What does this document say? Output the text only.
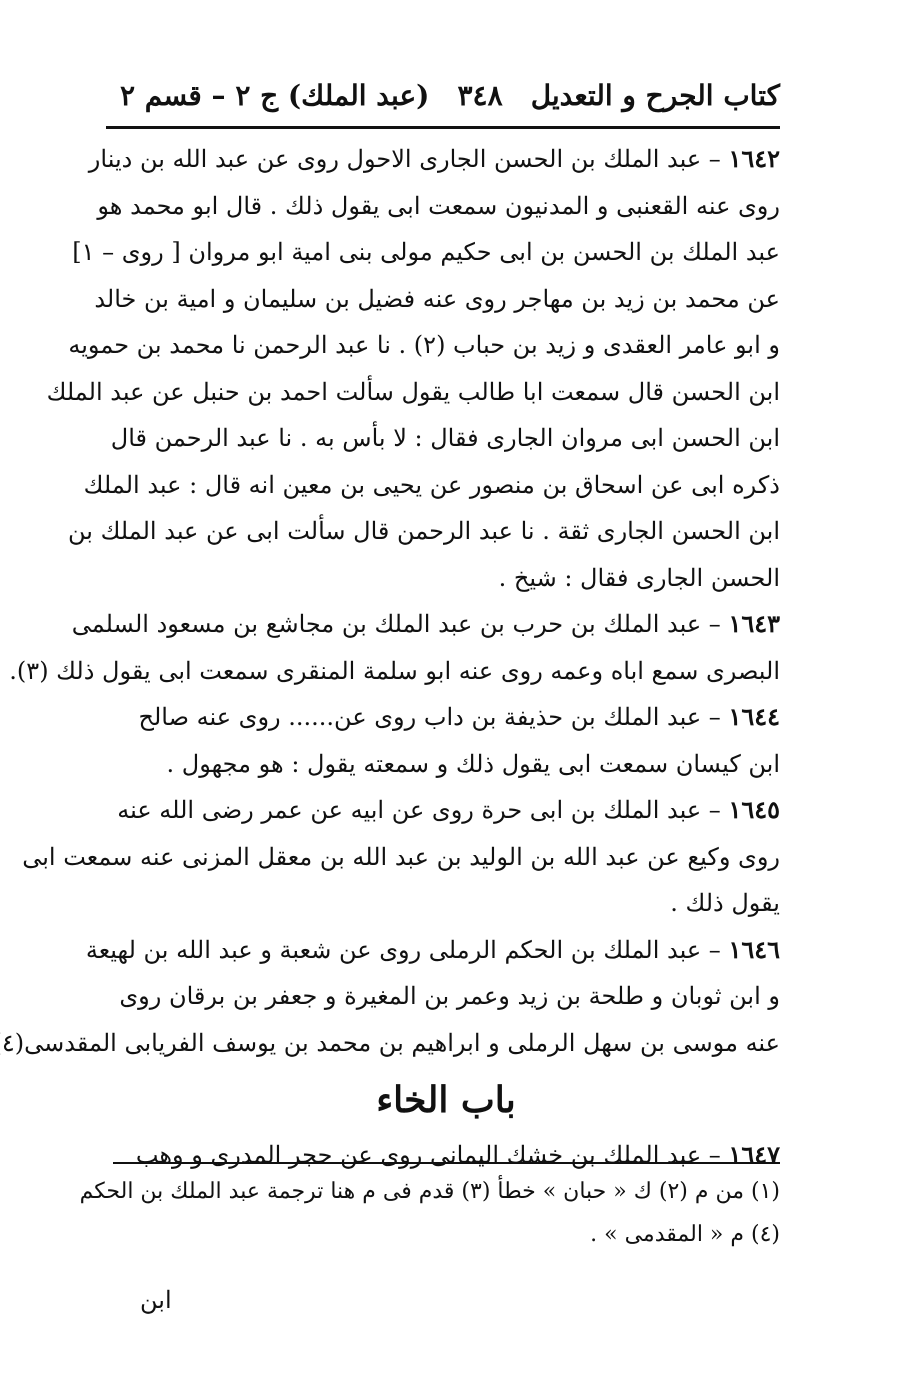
كتاب الجرح و التعديل
٣٤٨
(عبد الملك) ج ٢ – قسم ٢

١٦٤٢ – عبد الملك بن الحسن الجارى الاحول روى عن عبد الله بن دينار

روى عنه القعنبى و المدنيون سمعت ابى يقول ذلك . قال ابو محمد هو

عبد الملك بن الحسن بن ابى حكيم مولى بنى امية ابو مروان [ روى – ١]

عن محمد بن زيد بن مهاجر روى عنه فضيل بن سليمان و امية بن خالد

و ابو عامر العقدى و زيد بن حباب (٢) . نا عبد الرحمن نا محمد بن حمويه

ابن الحسن قال سمعت ابا طالب يقول سألت احمد بن حنبل عن عبد الملك

ابن الحسن ابى مروان الجارى فقال : لا بأس به . نا عبد الرحمن قال

ذكره ابى عن اسحاق بن منصور عن يحيى بن معين انه قال : عبد الملك

ابن الحسن الجارى ثقة . نا عبد الرحمن قال سألت ابى عن عبد الملك بن

الحسن الجارى فقال : شيخ .

١٦٤٣ – عبد الملك بن حرب بن عبد الملك بن مجاشع بن مسعود السلمى

البصرى سمع اباه وعمه روى عنه ابو سلمة المنقرى سمعت ابى يقول ذلك (٣).

١٦٤٤ – عبد الملك بن حذيفة بن داب روى عن...... روى عنه صالح

ابن كيسان سمعت ابى يقول ذلك و سمعته يقول : هو مجهول .

١٦٤٥ – عبد الملك بن ابى حرة روى عن ابيه عن عمر رضى الله عنه

روى وكيع عن عبد الله بن الوليد بن عبد الله بن معقل المزنى عنه سمعت ابى

يقول ذلك .

١٦٤٦ – عبد الملك بن الحكم الرملى روى عن شعبة و عبد الله بن لهيعة

و ابن ثوبان و طلحة بن زيد وعمر بن المغيرة و جعفر بن برقان روى

عنه موسى بن سهل الرملى و ابراهيم بن محمد بن يوسف الفريابى المقدسى(٤

باب الخاء

١٦٤٧ – عبد الملك بن خشك اليمانى روى عن حجر المدرى و وهب

(١) من م (٢) ك « حبان » خطأ (٣) قدم فى م هنا ترجمة عبد الملك بن الحكم

(٤) م « المقدمى » .

ابن
